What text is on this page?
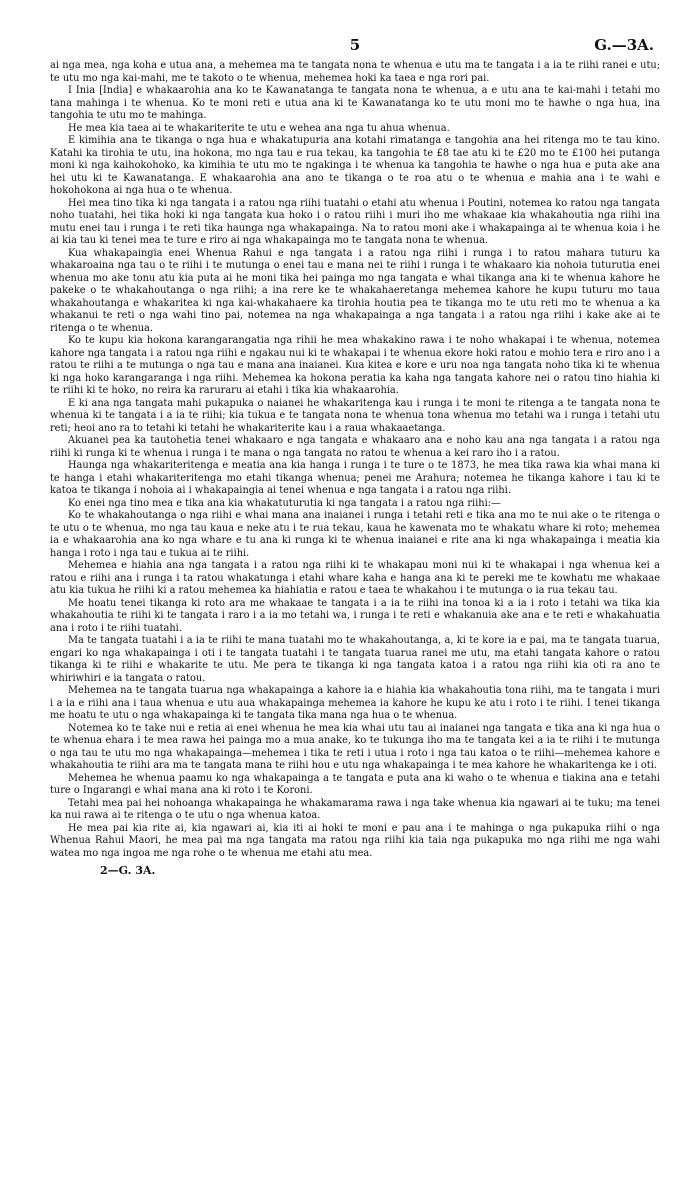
5	G.—3A.

ai nga mea, nga koha e utua ana, a mehemea ma te tangata nona te whenua e utu ma te tangata i a ia te riihi ranei e utu; te utu mo nga kai-mahi, me te takoto o te whenua, mehemea hoki ka taea e nga rori pai.

I Inia [India] e whakaarohia ana ko te Kawanatanga te tangata nona te whenua, a e utu ana te kai-mahi i tetahi mo tana mahinga i te whenua. Ko te moni reti e utua ana ki te Kawanatanga ko te utu moni mo te hawhe o nga hua, ina tangohia te utu mo te mahinga.

He mea kia taea ai te whakariterite te utu e wehea ana nga tu ahua whenua.

E kimihia ana te tikanga o nga hua e whakatupuria ana kotahi rimatanga e tangohia ana hei ritenga mo te tau kino. Katahi ka tirohia te utu, ina hokona, mo nga tau e rua tekau, ka tangohia te £8 tae atu ki te £20 mo te £100 hei putanga moni ki nga kaihokohoko, ka kimihia te utu mo te ngakinga i te whenua ka tangohia te hawhe o nga hua e puta ake ana hei utu ki te Kawanatanga. E whakaarohia ana ano te tikanga o te roa atu o te whenua e mahia ana i te wahi e hokohokona ai nga hua o te whenua.

Hei mea tino tika ki nga tangata i a ratou nga riihi tuatahi o etahi atu whenua i Poutini, notemea ko ratou nga tangata noho tuatahi, hei tika hoki ki nga tangata kua hoko i o ratou riihi i muri iho me whakaae kia whakahoutia nga riihi ina mutu enei tau i runga i te reti tika haunga nga whakapainga. Na to ratou moni ake i whakapainga ai te whenua koia i he ai kia tau ki tenei mea te ture e riro ai nga whakapainga mo te tangata nona te whenua.

Kua whakapaingia enei Whenua Rahui e nga tangata i a ratou nga riihi i runga i to ratou mahara tuturu ka whakaroaina nga tau o te riihi i te mutunga o enei tau e mana nei te riihi i runga i te whakaaro kia nohoia tuturutia enei whenua mo ake tonu atu kia puta ai he moni tika hei painga mo nga tangata e whai tikanga ana ki te whenua kahore he pakeke o te whakahoutanga o nga riihi; a ina rere ke te whakahaeretanga mehemea kahore he kupu tuturu mo taua whakahoutanga e whakaritea ki nga kai-whakahaere ka tirohia houtia pea te tikanga mo te utu reti mo te whenua a ka whakanui te reti o nga wahi tino pai, notemea na nga whakapainga a nga tangata i a ratou nga riihi i kake ake ai te ritenga o te whenua.

Ko te kupu kia hokona karangarangatia nga rihii he mea whakakino rawa i te noho whakapai i te whenua, notemea kahore nga tangata i a ratou nga riihi e ngakau nui ki te whakapai i te whenua ekore hoki ratou e mohio tera e riro ano i a ratou te riihi a te mutunga o nga tau e mana ana inaianei. Kua kitea e kore e uru noa nga tangata noho tika ki te whenua ki nga hoko karangaranga i nga riihi. Mehemea ka hokona peratia ka kaha nga tangata kahore nei o ratou tino hiahia ki te riihi ki te hoko, no reira ka raruraru ai etahi i tika kia whakaarohia.

E ki ana nga tangata mahi pukapuka o naianei he whakaritenga kau i runga i te moni te ritenga a te tangata nona te whenua ki te tangata i a ia te riihi; kia tukua e te tangata nona te whenua tona whenua mo tetahi wa i runga i tetahi utu reti; heoi ano ra to tetahi ki tetahi he whakariterite kau i a raua whakaaetanga.

Akuanei pea ka tautohetia tenei whakaaro e nga tangata e whakaaro ana e noho kau ana nga tangata i a ratou nga riihi ki runga ki te whenua i runga i te mana o nga tangata no ratou te whenua a kei raro iho i a ratou.

Haunga nga whakariteritenga e meatia ana kia hanga i runga i te ture o te 1873, he mea tika rawa kia whai mana ki te hanga i etahi whakariteritenga mo etahi tikanga whenua; penei me Arahura; notemea he tikanga kahore i tau ki te katoa te tikanga i nohoia ai i whakapaingia ai tenei whenua e nga tangata i a ratou nga riihi.

Ko enei nga tino mea e tika ana kia whakatuturutia ki nga tangata i a ratou nga riihi:—

Ko te whakahoutanga o nga riihi e whai mana ana inaianei i runga i tetahi reti e tika ana mo te nui ake o te ritenga o te utu o te whenua, mo nga tau kaua e neke atu i te rua tekau, kaua he kawenata mo te whakatu whare ki roto; mehemea ia e whakaarohia ana ko nga whare e tu ana ki runga ki te whenua inaianei e rite ana ki nga whakapainga i meatia kia hanga i roto i nga tau e tukua ai te riihi.

Mehemea e hiahia ana nga tangata i a ratou nga riihi ki te whakapau moni nui ki te whakapai i nga whenua kei a ratou e riihi ana i runga i ta ratou whakatunga i etahi whare kaha e hanga ana ki te pereki me te kowhatu me whakaae atu kia tukua he riihi ki a ratou mehemea ka hiahiatia e ratou e taea te whakahou i te mutunga o ia rua tekau tau.

Me hoatu tenei tikanga ki roto ara me whakaae te tangata i a ia te riihi ina tonoa ki a ia i roto i tetahi wa tika kia whakahoutia te riihi ki te tangata i raro i a ia mo tetahi wa, i runga i te reti e whakanuia ake ana e te reti e whakahuatia ana i roto i te riihi tuatahi.

Ma te tangata tuatahi i a ia te riihi te mana tuatahi mo te whakahoutanga, a, ki te kore ia e pai, ma te tangata tuarua, engari ko nga whakapainga i oti i te tangata tuatahi i te tangata tuarua ranei me utu, ma etahi tangata kahore o ratou tikanga ki te riihi e whakarite te utu. Me pera te tikanga ki nga tangata katoa i a ratou nga riihi kia oti ra ano te whiriwhiri e ia tangata o ratou.

Mehemea na te tangata tuarua nga whakapainga a kahore ia e hiahia kia whakahoutia tona riihi, ma te tangata i muri i a ia e riihi ana i taua whenua e utu aua whakapainga mehemea ia kahore he kupu ke atu i roto i te riihi. I tenei tikanga me hoatu te utu o nga whakapainga ki te tangata tika mana nga hua o te whenua.

Notemea ko te take nui e retia ai enei whenua he mea kia whai utu tau ai inaianei nga tangata e tika ana ki nga hua o te whenua ehara i te mea rawa hei painga mo a mua anake, ko te tukunga iho ma te tangata kei a ia te riihi i te mutunga o nga tau te utu mo nga whakapainga—mehemea i tika te reti i utua i roto i nga tau katoa o te riihi—mehemea kahore e whakahoutia te riihi ara ma te tangata mana te riihi hou e utu nga whakapainga i te mea kahore he whakaritenga ke i oti.

Mehemea he whenua paamu ko nga whakapainga a te tangata e puta ana ki waho o te whenua e tiakina ana e tetahi ture o Ingarangi e whai mana ana ki roto i te Koroni.

Tetahi mea pai hei nohoanga whakapainga he whakamarama rawa i nga take whenua kia ngawari ai te tuku; ma tenei ka nui rawa ai te ritenga o te utu o nga whenua katoa.

He mea pai kia rite ai, kia ngawari ai, kia iti ai hoki te moni e pau ana i te mahinga o nga pukapuka riihi o nga Whenua Rahui Maori, he mea pai ma nga tangata ma ratou nga riihi kia taia nga pukapuka mo nga riihi me nga wahi watea mo nga ingoa me nga rohe o te whenua me etahi atu mea.

2—G. 3A.
